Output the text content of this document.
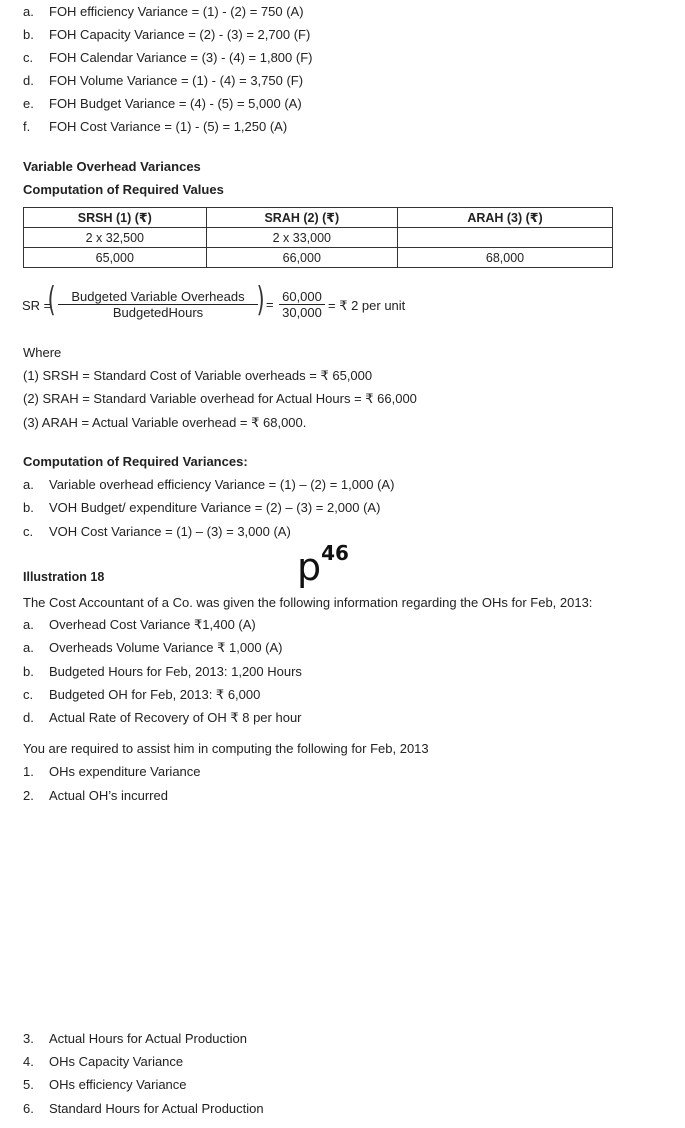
a. FOH efficiency Variance = (1) - (2) = 750 (A)
b. FOH Capacity Variance = (2) - (3) = 2,700 (F)
c. FOH Calendar Variance = (3) - (4) = 1,800 (F)
d. FOH Volume Variance = (1) - (4) = 3,750 (F)
e. FOH Budget Variance = (4) - (5) = 5,000 (A)
f. FOH Cost Variance = (1) - (5) = 1,250 (A)
Variable Overhead Variances
Computation of Required Values
SRSH (1) (₹)	SRAH (2) (₹)	ARAH (3) (₹)
2 x 32,500	2 x 33,000	
65,000	66,000	68,000
SR =
(	Budgeted Variable Overheads
BudgetedHours	) = $\frac{60,000}{30,000}$ = ₹ 2 per unit
Where
(1) SRSH = Standard Cost of Variable overheads = ₹ 65,000
(2) SRAH = Standard Variable overhead for Actual Hours = ₹ 66,000
(3) ARAH = Actual Variable overhead = ₹ 68,000.
Computation of Required Variances:
a. Variable overhead efficiency Variance = (1) – (2) = 1,000 (A)
b. VOH Budget/ expenditure Variance = (2) – (3) = 2,000 (A)
c. VOH Cost Variance = (1) – (3) = 3,000 (A)
$p^{46}$
Illustration 18
The Cost Accountant of a Co. was given the following information regarding the OHs for Feb, 2013:
a. Overhead Cost Variance ₹1,400 (A)
a. Overheads Volume Variance ₹ 1,000 (A)
b. Budgeted Hours for Feb, 2013: 1,200 Hours
c. Budgeted OH for Feb, 2013: ₹ 6,000
d. Actual Rate of Recovery of OH ₹ 8 per hour
You are required to assist him in computing the following for Feb, 2013
1. OHs expenditure Variance
2. Actual OH’s incurred
3. Actual Hours for Actual Production
4. OHs Capacity Variance
5. OHs efficiency Variance
6. Standard Hours for Actual Production
